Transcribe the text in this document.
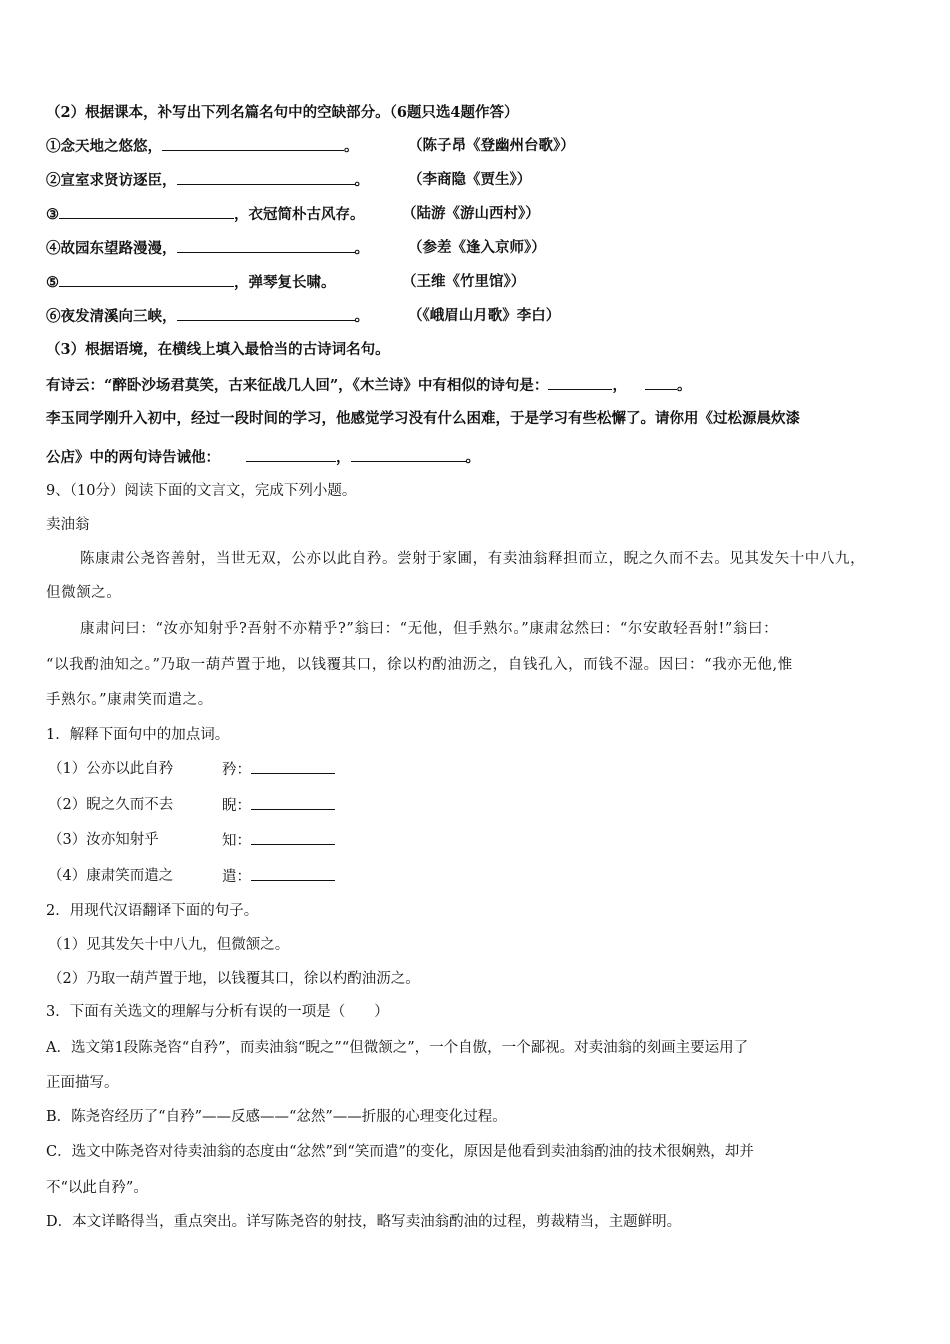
（2）根据课本，补写出下列名篇名句中的空缺部分。（6题只选4题作答）
①念天地之悠悠，	。	（陈子昂《登幽州台歌》）
②宣室求贤访逐臣，	。	（李商隐《贾生》）
③	，衣冠简朴古风存。	（陆游《游山西村》）
④故园东望路漫漫，	。	（参差《逢入京师》）
⑤	，弹琴复长啸。	（王维《竹里馆》）
⑥夜发清溪向三峡，	。	（《峨眉山月歌》李白）
（3）根据语境，在横线上填入最恰当的古诗词名句。
有诗云：“醉卧沙场君莫笑，古来征战几人回”，《木兰诗》中有相似的诗句是：	，	。
李玉同学刚升入初中，经过一段时间的学习，他感觉学习没有什么困难，于是学习有些松懈了。请你用《过松源晨炊漆
公店》中的两句诗告诫他：	，	。
9、（10分）阅读下面的文言文，完成下列小题。
卖油翁
陈康肃公尧咨善射，当世无双，公亦以此自矜。尝射于家圃，有卖油翁释担而立，睨之久而不去。见其发矢十中八九，
但微颔之。
康肃问曰：“汝亦知射乎?吾射不亦精乎?”翁曰：“无他，但手熟尔。”康肃忿然曰：“尔安敢轻吾射!”翁曰：
“以我酌油知之。”乃取一葫芦置于地，以钱覆其口，徐以杓酌油沥之，自钱孔入，而钱不湿。因曰：“我亦无他,惟
手熟尔。”康肃笑而遣之。
1．解释下面句中的加点词。
（1）公亦以此自矜	矜：
（2）睨之久而不去	睨：
（3）汝亦知射乎	知：
（4）康肃笑而遣之	遣：
2．用现代汉语翻译下面的句子。
（1）见其发矢十中八九，但微颔之。
（2）乃取一葫芦置于地，以钱覆其口，徐以杓酌油沥之。
3．下面有关选文的理解与分析有误的一项是（　　）
A．选文第1段陈尧咨“自矜”，而卖油翁“睨之”“但微颔之”，一个自傲，一个鄙视。对卖油翁的刻画主要运用了
正面描写。
B．陈尧咨经历了“自矜”——反感——“忿然”——折服的心理变化过程。
C．选文中陈尧咨对待卖油翁的态度由“忿然”到“笑而遣”的变化，原因是他看到卖油翁酌油的技术很娴熟，却并
不“以此自矜”。
D．本文详略得当，重点突出。详写陈尧咨的射技，略写卖油翁酌油的过程，剪裁精当，主题鲜明。
